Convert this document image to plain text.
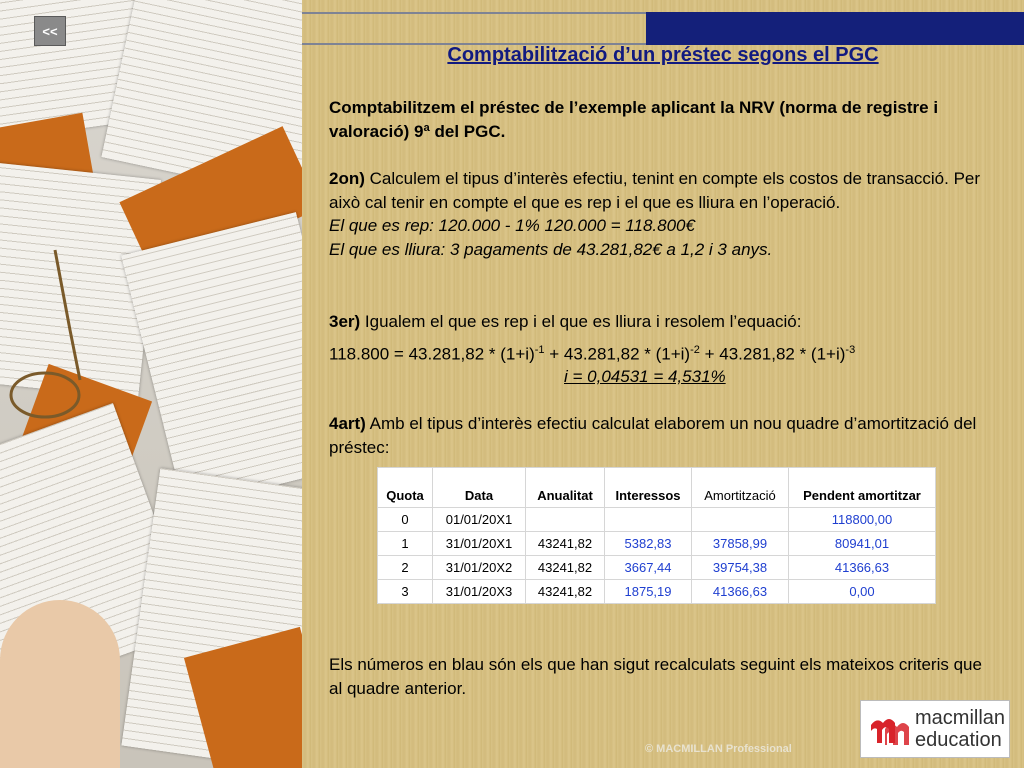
<<
Comptabilització d’un préstec segons el PGC
Comptabilitzem el préstec de l’exemple aplicant la NRV (norma de registre i valoració) 9ª del PGC.
2on) Calculem el tipus d’interès efectiu, tenint en compte els costos de transacció. Per això cal tenir en compte el que es rep i el que es lliura en l’operació.
El que es rep: 120.000 - 1% 120.000 = 118.800€
El que es lliura: 3 pagaments de 43.281,82€ a 1,2 i 3 anys.
3er) Igualem el que es rep i el que es lliura i resolem l’equació:
$118.800 = 43.281,82 * (1+i)^{-1} + 43.281,82 * (1+i)^{-2} + 43.281,82 * (1+i)^{-3}$
i = 0,04531 = 4,531%
4art) Amb el tipus d’interès efectiu calculat elaborem un nou quadre d’amortització del préstec:
Els números en blau són els que han sigut recalculats seguint els mateixos criteris que al quadre anterior.
© MACMILLAN Professional
macmillan
education
Quota	Data	Anualitat	Interessos	Amortització	Pendent amortitzar
0	01/01/20X1				118800,00
1	31/01/20X1	43241,82	5382,83	37858,99	80941,01
2	31/01/20X2	43241,82	3667,44	39754,38	41366,63
3	31/01/20X3	43241,82	1875,19	41366,63	0,00
